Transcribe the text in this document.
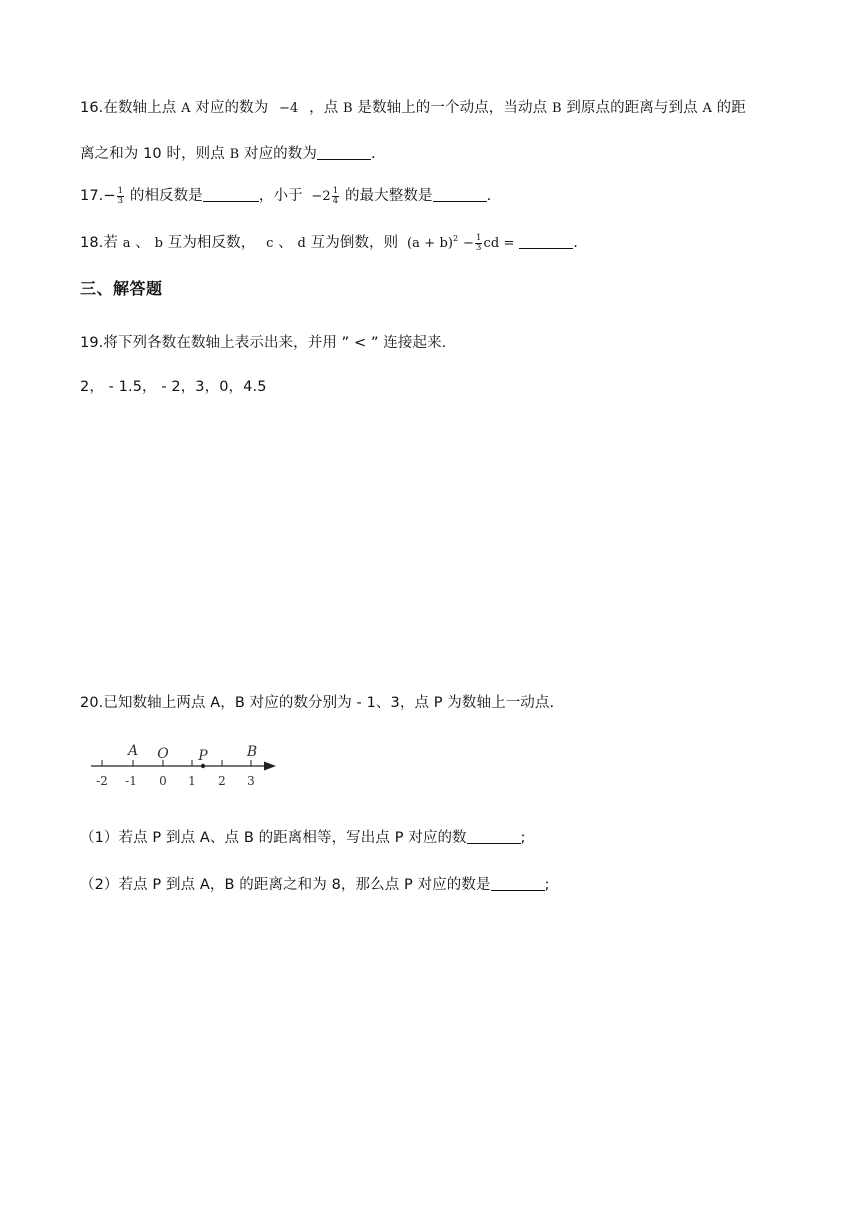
16.在数轴上点 A 对应的数为 −4 ，点 B 是数轴上的一个动点，当动点 B 到原点的距离与到点 A 的距
离之和为 10 时，则点 B 对应的数为	.
$17.- \frac{1}{3}$ 的相反数是	，小于 $-2 \frac{1}{4}$ 的最大整数是	.
18.若 a 、 b 互为相反数， c 、 d 互为倒数，则 $(a + b)^2 - \frac{1}{3}$ cd =	.
三、解答题
19.将下列各数在数轴上表示出来，并用 ” < ” 连接起来.
2， - 1.5， - 2，3，0，4.5
20.已知数轴上两点 A，B 对应的数分别为 - 1、3，点 P 为数轴上一动点.
-2 -1 0 1 2 3
A O P	B
（1）若点 P 到点 A、点 B 的距离相等，写出点 P 对应的数	;
（2）若点 P 到点 A，B 的距离之和为 8，那么点 P 对应的数是	;
